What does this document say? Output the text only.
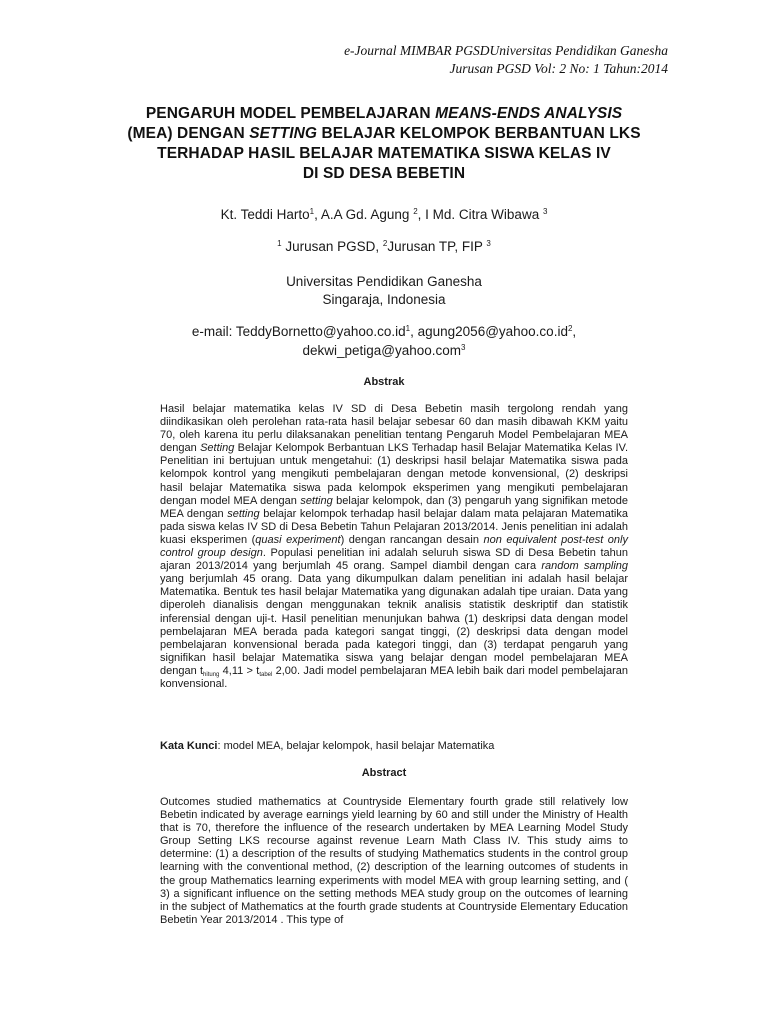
e-Journal MIMBAR PGSDUniversitas Pendidikan Ganesha
Jurusan PGSD Vol: 2 No: 1 Tahun:2014
PENGARUH MODEL PEMBELAJARAN MEANS-ENDS ANALYSIS
(MEA) DENGAN SETTING BELAJAR KELOMPOK BERBANTUAN LKS
TERHADAP HASIL BELAJAR MATEMATIKA SISWA KELAS IV
DI SD DESA BEBETIN
Kt. Teddi Harto$^1$, A.A Gd. Agung $^2$, I Md. Citra Wibawa $^3$
$^1$ Jurusan PGSD, $^2$Jurusan TP, FIP $^3$
Universitas Pendidikan Ganesha
Singaraja, Indonesia
e-mail: $TeddyBornetto@yahoo.co.id^1$, $agung2056@yahoo.co.id^2$,
dekwi_petiga@yahoo.com$^3$
Abstrak
Hasil belajar matematika kelas IV SD di Desa Bebetin masih tergolong rendah yang diindikasikan oleh perolehan rata-rata hasil belajar sebesar 60 dan masih dibawah KKM yaitu 70, oleh karena itu perlu dilaksanakan penelitian tentang Pengaruh Model Pembelajaran MEA dengan Setting Belajar Kelompok Berbantuan LKS Terhadap hasil Belajar Matematika Kelas IV. Penelitian ini bertujuan untuk mengetahui: (1) deskripsi hasil belajar Matematika siswa pada kelompok kontrol yang mengikuti pembelajaran dengan metode konvensional, (2) deskripsi hasil belajar Matematika siswa pada kelompok eksperimen yang mengikuti pembelajaran dengan model MEA dengan setting belajar kelompok, dan (3) pengaruh yang signifikan metode MEA dengan setting belajar kelompok terhadap hasil belajar dalam mata pelajaran Matematika pada siswa kelas IV SD di Desa Bebetin Tahun Pelajaran 2013/2014. Jenis penelitian ini adalah kuasi eksperimen (quasi experiment) dengan rancangan desain non equivalent post-test only control group design. Populasi penelitian ini adalah seluruh siswa SD di Desa Bebetin tahun ajaran 2013/2014 yang berjumlah 45 orang. Sampel diambil dengan cara random sampling yang berjumlah 45 orang. Data yang dikumpulkan dalam penelitian ini adalah hasil belajar Matematika. Bentuk tes hasil belajar Matematika yang digunakan adalah tipe uraian. Data yang diperoleh dianalisis dengan menggunakan teknik analisis statistik deskriptif dan statistik inferensial dengan uji-t. Hasil penelitian menunjukan bahwa (1) deskripsi data dengan model pembelajaran MEA berada pada kategori sangat tinggi, (2) deskripsi data dengan model pembelajaran konvensional berada pada kategori tinggi, dan (3) terdapat pengaruh yang signifikan hasil belajar Matematika siswa yang belajar dengan model pembelajaran MEA dengan $t_{hitung}$ $4,11 > t_{tabel}$ 2,00. Jadi model pembelajaran MEA lebih baik dari model pembelajaran konvensional.
Kata Kunci: model MEA, belajar kelompok, hasil belajar Matematika
Abstract
Outcomes studied mathematics at Countryside Elementary fourth grade still relatively low Bebetin indicated by average earnings yield learning by 60 and still under the Ministry of Health that is 70, therefore the influence of the research undertaken by MEA Learning Model Study Group Setting LKS recourse against revenue Learn Math Class IV. This study aims to determine: (1) a description of the results of studying Mathematics students in the control group learning with the conventional method, (2) description of the learning outcomes of students in the group Mathematics learning experiments with model MEA with group learning setting, and ( 3) a significant influence on the setting methods MEA study group on the outcomes of learning in the subject of Mathematics at the fourth grade students at Countryside Elementary Education Bebetin Year 2013/2014 . This type of
